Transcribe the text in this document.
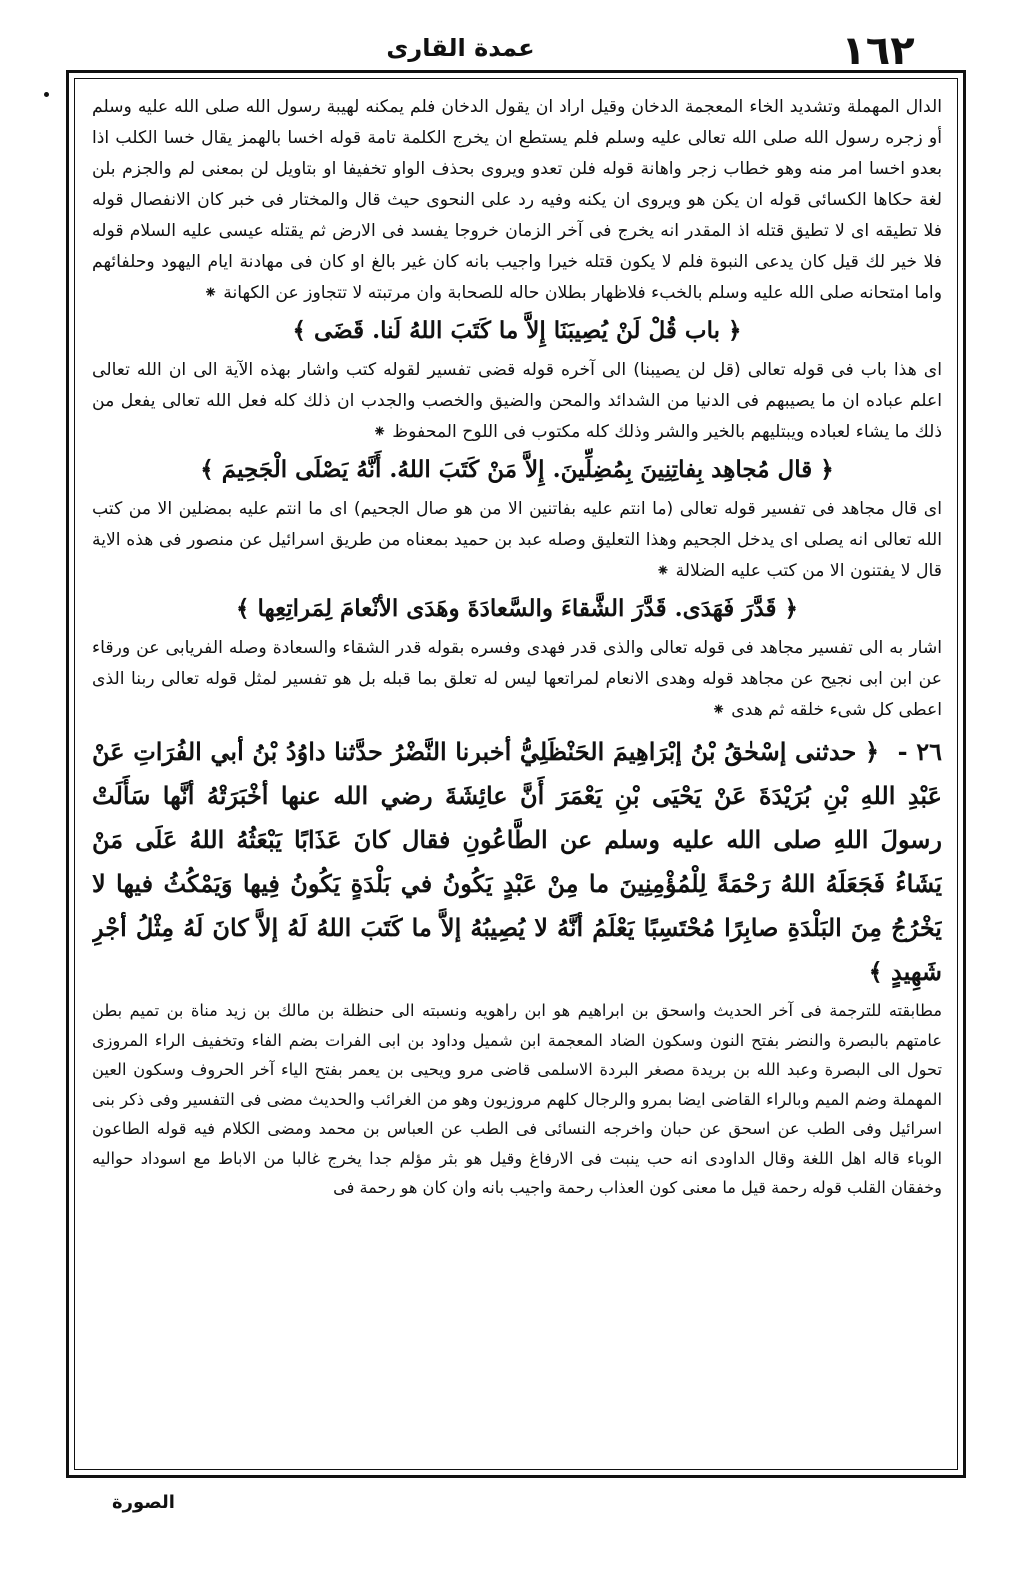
١٦٢
عمدة القارى

الدال المهملة وتشديد الخاء المعجمة الدخان وقيل اراد ان يقول الدخان فلم يمكنه لهيبة رسول الله صلى الله عليه وسلم أو زجره رسول الله صلى الله تعالى عليه وسلم فلم يستطع ان يخرج الكلمة تامة قوله اخسا بالهمز يقال خسا الكلب اذا بعدو اخسا امر منه وهو خطاب زجر واهانة قوله فلن تعدو ويروى بحذف الواو تخفيفا او بتاويل لن بمعنى لم والجزم بلن لغة حكاها الكسائى قوله ان يكن هو ويروى ان يكنه وفيه رد على النحوى حيث قال والمختار فى خبر كان الانفصال قوله فلا تطيقه اى لا تطيق قتله اذ المقدر انه يخرج فى آخر الزمان خروجا يفسد فى الارض ثم يقتله عيسى عليه السلام قوله فلا خير لك قيل كان يدعى النبوة فلم لا يكون قتله خيرا واجيب بانه كان غير بالغ او كان فى مهادنة ايام اليهود وحلفائهم واما امتحانه صلى الله عليه وسلم بالخبء فلاظهار بطلان حاله للصحابة وان مرتبته لا تتجاوز عن الكهانة ⁕

﴿ باب قُلْ لَنْ يُصِيبَنَا إِلاَّ ما كَتَبَ اللهُ لَنا. قَضَى ﴾

اى هذا باب فى قوله تعالى (قل لن يصيبنا) الى آخره قوله قضى تفسير لقوله كتب واشار بهذه الآية الى ان الله تعالى اعلم عباده ان ما يصيبهم فى الدنيا من الشدائد والمحن والضيق والخصب والجدب ان ذلك كله فعل الله تعالى يفعل من ذلك ما يشاء لعباده ويبتليهم بالخير والشر وذلك كله مكتوب فى اللوح المحفوظ ⁕

﴿ قال مُجاهِد بِفاتِنِينَ بِمُضِلِّينَ. إِلاَّ مَنْ كَتَبَ اللهُ. أَنَّهُ يَصْلَى الْجَحِيمَ ﴾

اى قال مجاهد فى تفسير قوله تعالى (ما انتم عليه بفاتنين الا من هو صال الجحيم) اى ما انتم عليه بمضلين الا من كتب الله تعالى انه يصلى اى يدخل الجحيم وهذا التعليق وصله عبد بن حميد بمعناه من طريق اسرائيل عن منصور فى هذه الاية قال لا يفتنون الا من كتب عليه الضلالة ⁕

﴿ قَدَّرَ فَهَدَى. قَدَّرَ الشَّقاءَ والسَّعادَةَ وهَدَى الأنْعامَ لِمَراتِعِها ﴾

اشار به الى تفسير مجاهد فى قوله تعالى والذى قدر فهدى وفسره بقوله قدر الشقاء والسعادة وصله الفريابى عن ورقاء عن ابن ابى نجيح عن مجاهد قوله وهدى الانعام لمراتعها ليس له تعلق بما قبله بل هو تفسير لمثل قوله تعالى ربنا الذى اعطى كل شىء خلقه ثم هدى ⁕

٢٦ - ﴿ حدثنى إسْحٰقُ بْنُ إبْرَاهِيمَ الحَنْظَلِيُّ أخبرنا النَّضْرُ حدَّثنا داوُدُ بْنُ أبي الفُرَاتِ عَنْ عَبْدِ اللهِ بْنِ بُرَيْدَةَ عَنْ يَحْيَى بْنِ يَعْمَرَ أَنَّ عائِشَةَ رضي الله عنها أخْبَرَتْهُ أنَّها سَأَلَتْ رسولَ اللهِ صلى الله عليه وسلم عن الطَّاعُونِ فقال كانَ عَذَابًا يَبْعَثُهُ اللهُ عَلَى مَنْ يَشَاءُ فَجَعَلَهُ اللهُ رَحْمَةً لِلْمُؤْمِنِينَ ما مِنْ عَبْدٍ يَكُونُ في بَلْدَةٍ يَكُونُ فِيها وَيَمْكُثُ فيها لا يَخْرُجُ مِنَ البَلْدَةِ صابِرًا مُحْتَسِبًا يَعْلَمُ أنَّهُ لا يُصِيبُهُ إلاَّ ما كَتَبَ اللهُ لَهُ إلاَّ كانَ لَهُ مِثْلُ أجْرِ شَهِيدٍ ﴾

مطابقته للترجمة فى آخر الحديث واسحق بن ابراهيم هو ابن راهويه ونسبته الى حنظلة بن مالك بن زيد مناة بن تميم بطن عامتهم بالبصرة والنضر بفتح النون وسكون الضاد المعجمة ابن شميل وداود بن ابى الفرات بضم الفاء وتخفيف الراء المروزى تحول الى البصرة وعبد الله بن بريدة مصغر البردة الاسلمى قاضى مرو ويحيى بن يعمر بفتح الياء آخر الحروف وسكون العين المهملة وضم الميم وبالراء القاضى ايضا بمرو والرجال كلهم مروزيون وهو من الغرائب والحديث مضى فى التفسير وفى ذكر بنى اسرائيل وفى الطب عن اسحق عن حبان واخرجه النسائى فى الطب عن العباس بن محمد ومضى الكلام فيه قوله الطاعون الوباء قاله اهل اللغة وقال الداودى انه حب ينبت فى الارفاغ وقيل هو بثر مؤلم جدا يخرج غالبا من الاباط مع اسوداد حواليه وخفقان القلب قوله رحمة قيل ما معنى كون العذاب رحمة واجيب بانه وان كان هو رحمة فى

الصورة
